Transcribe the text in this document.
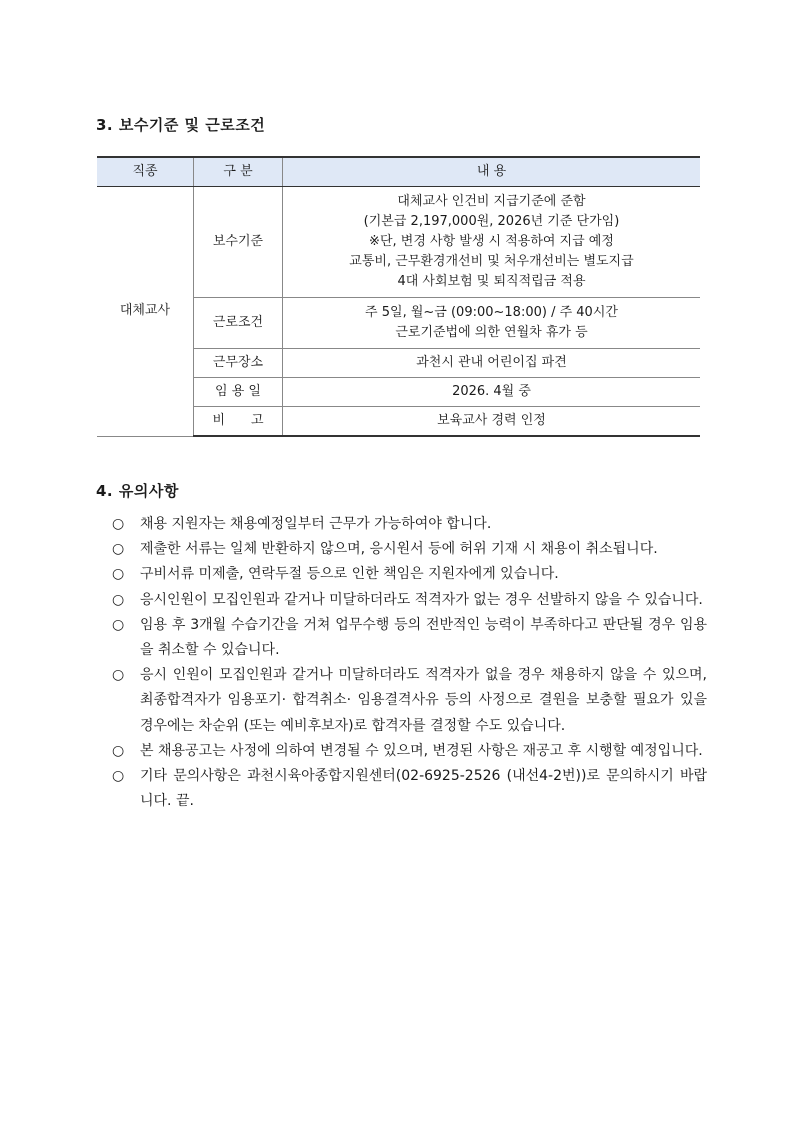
3. 보수기준 및 근로조건
직종	구 분	내 용
대체교사	보수기준	대체교사 인건비 지급기준에 준함
(기본급 2,197,000원, 2026년 기준 단가임)
※단, 변경 사항 발생 시 적용하여 지급 예정
교통비, 근무환경개선비 및 처우개선비는 별도지급
4대 사회보험 및 퇴직적립금 적용

	근로조건	주 5일, 월~금 (09:00~18:00) / 주 40시간
근로기준법에 의한 연월차 휴가 등

	근무장소	과천시 관내 어린이집 파견
	임 용 일	2026. 4월 중
	비　　고	보육교사 경력 인정
4. 유의사항
○	채용 지원자는 채용예정일부터 근무가 가능하여야 합니다.
○	제출한 서류는 일체 반환하지 않으며, 응시원서 등에 허위 기재 시 채용이 취소됩니다.
○	구비서류 미제출, 연락두절 등으로 인한 책임은 지원자에게 있습니다.
○	응시인원이 모집인원과 같거나 미달하더라도 적격자가 없는 경우 선발하지 않을 수 있습니다.
○	임용 후 3개월 수습기간을 거쳐 업무수행 등의 전반적인 능력이 부족하다고 판단될 경우 임용을 취소할 수 있습니다.
○	응시 인원이 모집인원과 같거나 미달하더라도 적격자가 없을 경우 채용하지 않을 수 있으며, 최종합격자가 임용포기· 합격취소· 임용결격사유 등의 사정으로 결원을 보충할 필요가 있을 경우에는 차순위 (또는 예비후보자)로 합격자를 결정할 수도 있습니다.
○	본 채용공고는 사정에 의하여 변경될 수 있으며, 변경된 사항은 재공고 후 시행할 예정입니다.
○	기타 문의사항은 과천시육아종합지원센터(02-6925-2526 (내선4-2번))로 문의하시기 바랍니다. 끝.
